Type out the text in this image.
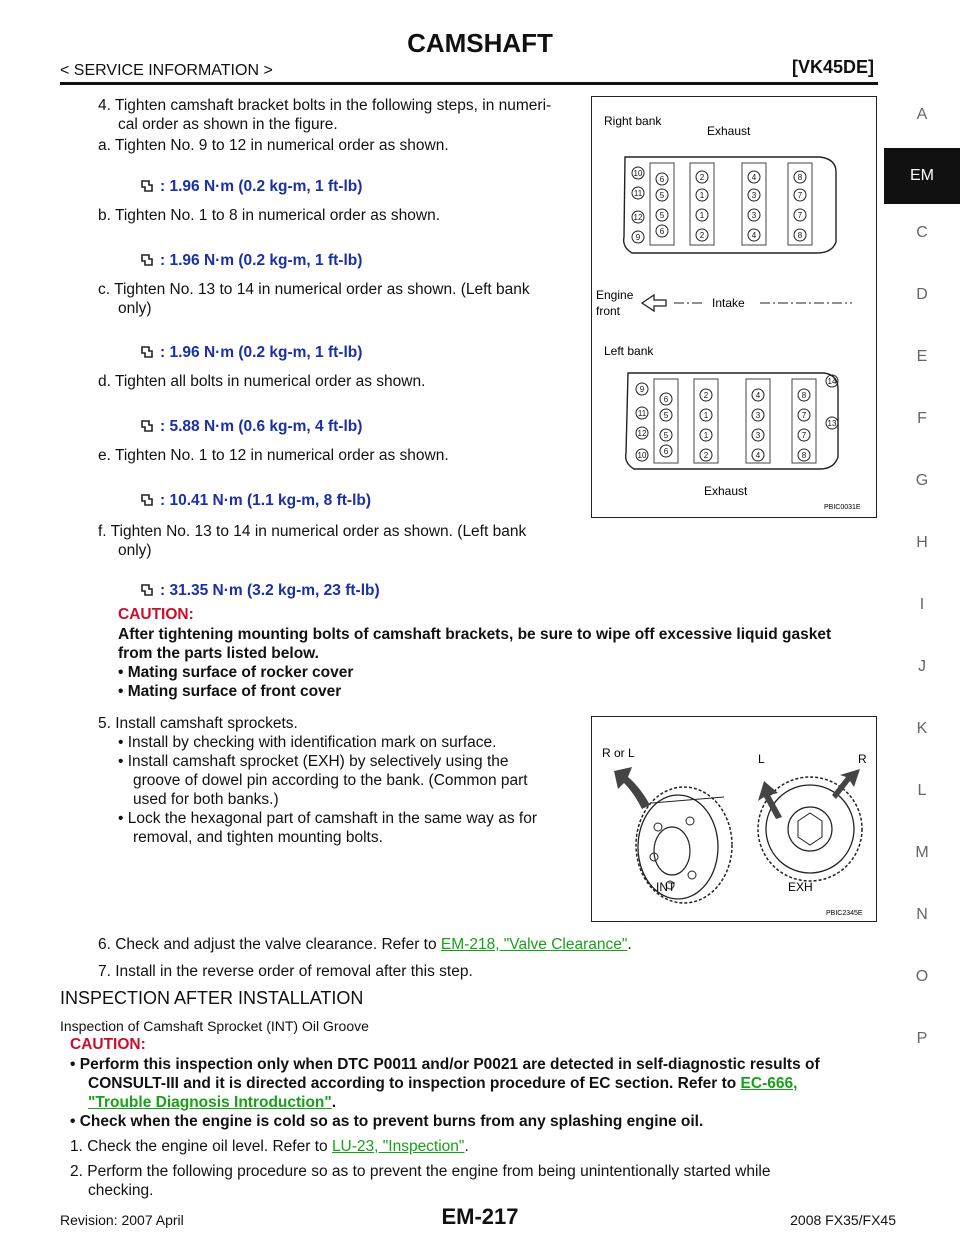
CAMSHAFT
< SERVICE INFORMATION >	[VK45DE]
A
EM
C
D
E
F
G
H
I
J
K
L
M
N
O
P
4. Tighten camshaft bracket bolts in the following steps, in numeri-
cal order as shown in the figure.
a. Tighten No. 9 to 12 in numerical order as shown.
: 1.96 N·m (0.2 kg-m, 1 ft-lb)
b. Tighten No. 1 to 8 in numerical order as shown.
: 1.96 N·m (0.2 kg-m, 1 ft-lb)
c. Tighten No. 13 to 14 in numerical order as shown. (Left bank
only)
: 1.96 N·m (0.2 kg-m, 1 ft-lb)
d. Tighten all bolts in numerical order as shown.
: 5.88 N·m (0.6 kg-m, 4 ft-lb)
e. Tighten No. 1 to 12 in numerical order as shown.
: 10.41 N·m (1.1 kg-m, 8 ft-lb)
f. Tighten No. 13 to 14 in numerical order as shown. (Left bank
only)
: 31.35 N·m (3.2 kg-m, 23 ft-lb)
Right bank
Exhaust
10
11
12
9
6
5
5
6
2
1
1
2
4
3
3
4
8
7
7
8
Engine
front
Intake
Left bank
9
11
12
10
6
5
5
6
2
1
1
2
4
3
3
4
8
7
7
8
14
13
Exhaust
PBIC0031E
CAUTION:
After tightening mounting bolts of camshaft brackets, be sure to wipe off excessive liquid gasket
from the parts listed below.
• Mating surface of rocker cover
• Mating surface of front cover
5. Install camshaft sprockets.
• Install by checking with identification mark on surface.
• Install camshaft sprocket (EXH) by selectively using the
groove of dowel pin according to the bank. (Common part
used for both banks.)
• Lock the hexagonal part of camshaft in the same way as for
removal, and tighten mounting bolts.
R or L	L	R
INT	EXH
PBIC2345E
6. Check and adjust the valve clearance. Refer to EM-218, "Valve Clearance".
7. Install in the reverse order of removal after this step.
INSPECTION AFTER INSTALLATION
Inspection of Camshaft Sprocket (INT) Oil Groove
CAUTION:
• Perform this inspection only when DTC P0011 and/or P0021 are detected in self-diagnostic results of
CONSULT-III and it is directed according to inspection procedure of EC section. Refer to EC-666,
"Trouble Diagnosis Introduction".
• Check when the engine is cold so as to prevent burns from any splashing engine oil.
1. Check the engine oil level. Refer to LU-23, "Inspection".
2. Perform the following procedure so as to prevent the engine from being unintentionally started while
checking.
Revision: 2007 April	EM-217	2008 FX35/FX45
